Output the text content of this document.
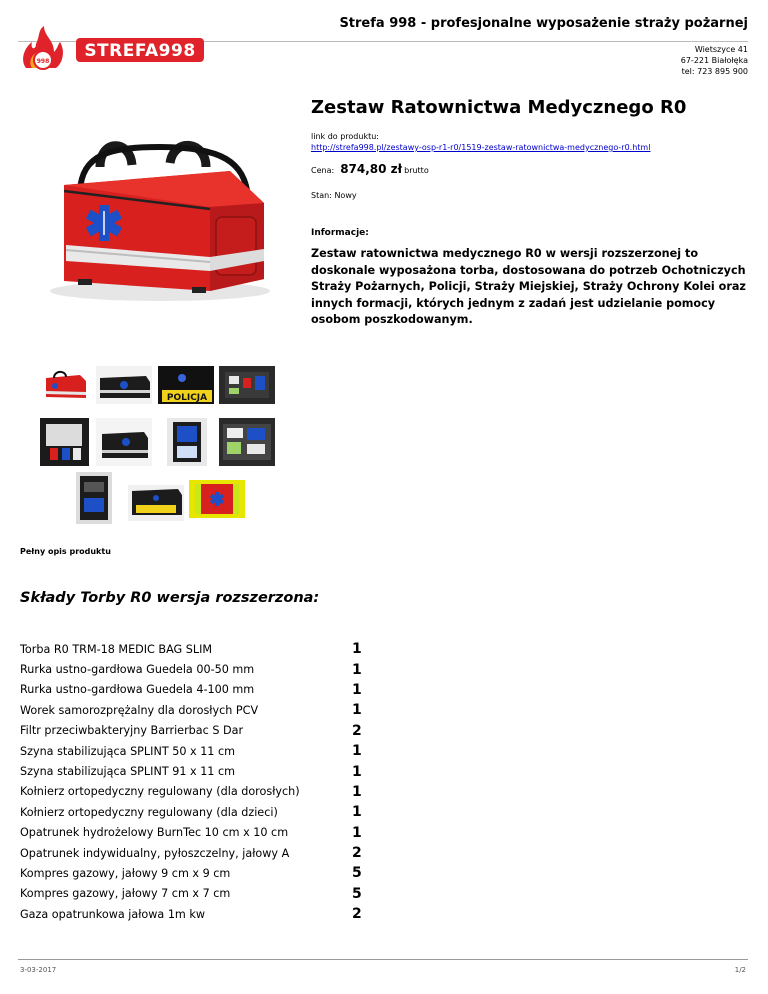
Strefa 998 - profesjonalne wyposażenie straży pożarnej
998
STREFA998	Wietszyce 41
67-221 Białołęka
tel: 723 895 900
Zestaw Ratownictwa Medycznego R0
link do produktu:
http://strefa998.pl/zestawy-osp-r1-r0/1519-zestaw-ratownictwa-medycznego-r0.html
Cena: 874,80 zł brutto
Stan: Nowy
Informacje:
Zestaw ratownictwa medycznego R0 w wersji rozszerzonej to doskonale wyposażona torba, dostosowana do potrzeb Ochotniczych Straży Pożarnych, Policji, Straży Miejskiej, Straży Ochrony Kolei oraz innych formacji, których jednym z zadań jest udzielanie pomocy osobom poszkodowanym.
POLICJA
Pełny opis produktu
Składy Torby R0 wersja rozszerzona:
Torba R0 TRM-18 MEDIC BAG SLIM	1
Rurka ustno-gardłowa Guedela 00-50 mm	1
Rurka ustno-gardłowa Guedela 4-100 mm	1
Worek samorozprężalny dla dorosłych PCV	1
Filtr przeciwbakteryjny Barrierbac S Dar	2
Szyna stabilizująca SPLINT 50 x 11 cm	1
Szyna stabilizująca SPLINT 91 x 11 cm	1
Kołnierz ortopedyczny regulowany (dla dorosłych)	1
Kołnierz ortopedyczny regulowany (dla dzieci)	1
Opatrunek hydrożelowy BurnTec 10 cm x 10 cm	1
Opatrunek indywidualny, pyłoszczelny, jałowy A	2
Kompres gazowy, jałowy 9 cm x 9 cm	5
Kompres gazowy, jałowy 7 cm x 7 cm	5
Gaza opatrunkowa jałowa 1m kw	2
3-03-2017	1/2
